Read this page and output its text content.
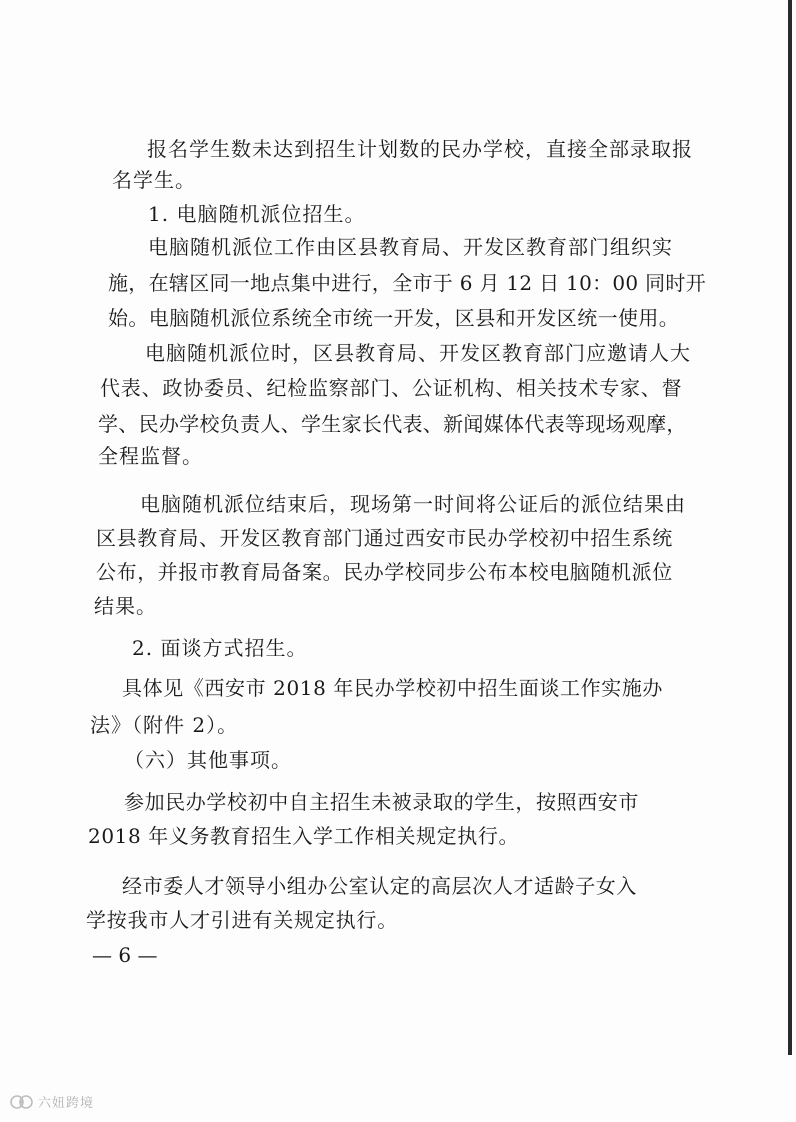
报名学生数未达到招生计划数的民办学校，直接全部录取报
名学生。
1. 电脑随机派位招生。
电脑随机派位工作由区县教育局、开发区教育部门组织实
施，在辖区同一地点集中进行，全市于 6 月 12 日 10：00 同时开
始。电脑随机派位系统全市统一开发，区县和开发区统一使用。
电脑随机派位时，区县教育局、开发区教育部门应邀请人大
代表、政协委员、纪检监察部门、公证机构、相关技术专家、督
学、民办学校负责人、学生家长代表、新闻媒体代表等现场观摩，
全程监督。
电脑随机派位结束后，现场第一时间将公证后的派位结果由
区县教育局、开发区教育部门通过西安市民办学校初中招生系统
公布，并报市教育局备案。民办学校同步公布本校电脑随机派位
结果。
2. 面谈方式招生。
具体见《西安市 2018 年民办学校初中招生面谈工作实施办
法》（附件 2）。
（六）其他事项。
参加民办学校初中自主招生未被录取的学生，按照西安市
2018 年义务教育招生入学工作相关规定执行。
经市委人才领导小组办公室认定的高层次人才适龄子女入
学按我市人才引进有关规定执行。
— 6 —
六妞跨境
